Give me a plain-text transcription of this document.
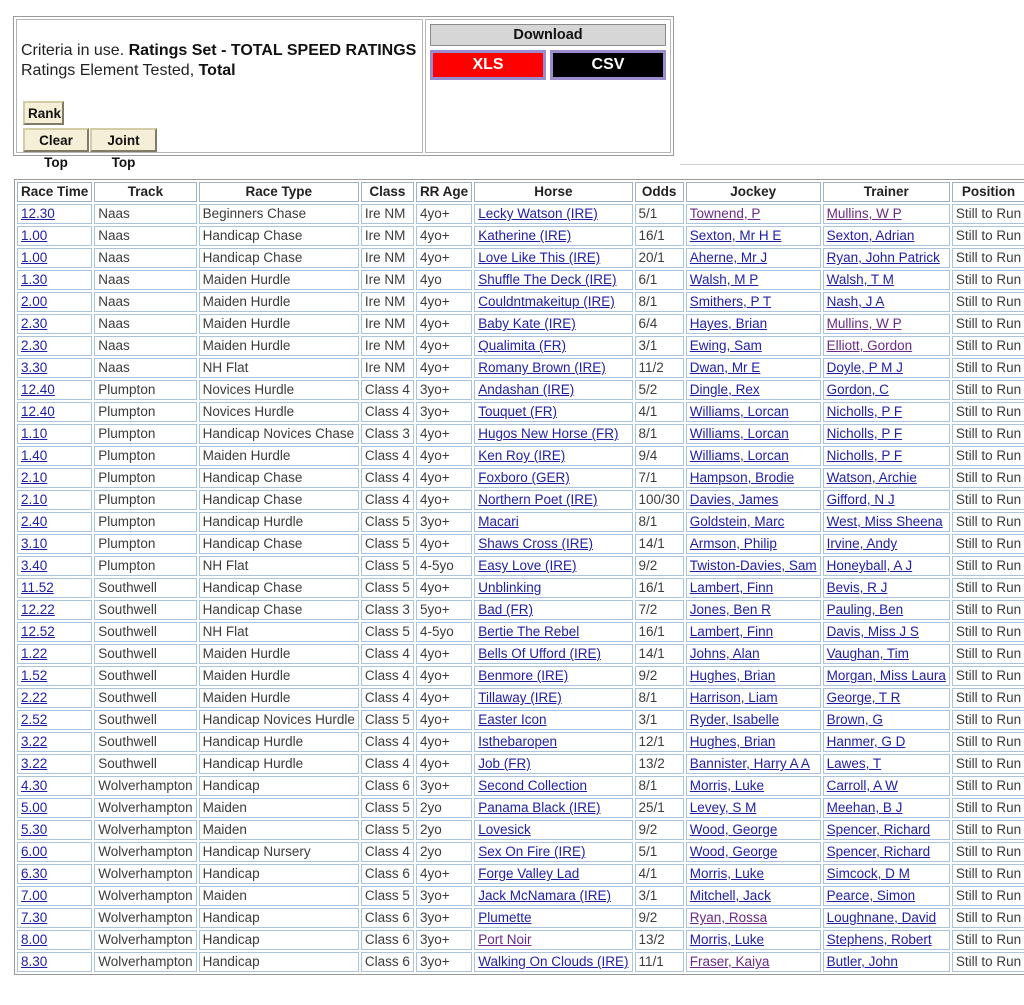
Criteria in use. Ratings Set - TOTAL SPEED RATINGS
Ratings Element Tested, Total
Rank
Clear Top
Joint Top
Download
XLS	CSV
Race Time	Track	Race Type	Class	RR Age	Horse	Odds	Jockey	Trainer	Position
12.30	Naas	Beginners Chase	Ire NM	4yo+	Lecky Watson (IRE)	5/1	Townend, P	Mullins, W P	Still to Run
1.00	Naas	Handicap Chase	Ire NM	4yo+	Katherine (IRE)	16/1	Sexton, Mr H E	Sexton, Adrian	Still to Run
1.00	Naas	Handicap Chase	Ire NM	4yo+	Love Like This (IRE)	20/1	Aherne, Mr J	Ryan, John Patrick	Still to Run
1.30	Naas	Maiden Hurdle	Ire NM	4yo	Shuffle The Deck (IRE)	6/1	Walsh, M P	Walsh, T M	Still to Run
2.00	Naas	Maiden Hurdle	Ire NM	4yo+	Couldntmakeitup (IRE)	8/1	Smithers, P T	Nash, J A	Still to Run
2.30	Naas	Maiden Hurdle	Ire NM	4yo+	Baby Kate (IRE)	6/4	Hayes, Brian	Mullins, W P	Still to Run
2.30	Naas	Maiden Hurdle	Ire NM	4yo+	Qualimita (FR)	3/1	Ewing, Sam	Elliott, Gordon	Still to Run
3.30	Naas	NH Flat	Ire NM	4yo+	Romany Brown (IRE)	11/2	Dwan, Mr E	Doyle, P M J	Still to Run
12.40	Plumpton	Novices Hurdle	Class 4	3yo+	Andashan (IRE)	5/2	Dingle, Rex	Gordon, C	Still to Run
12.40	Plumpton	Novices Hurdle	Class 4	3yo+	Touquet (FR)	4/1	Williams, Lorcan	Nicholls, P F	Still to Run
1.10	Plumpton	Handicap Novices Chase	Class 3	4yo+	Hugos New Horse (FR)	8/1	Williams, Lorcan	Nicholls, P F	Still to Run
1.40	Plumpton	Maiden Hurdle	Class 4	4yo+	Ken Roy (IRE)	9/4	Williams, Lorcan	Nicholls, P F	Still to Run
2.10	Plumpton	Handicap Chase	Class 4	4yo+	Foxboro (GER)	7/1	Hampson, Brodie	Watson, Archie	Still to Run
2.10	Plumpton	Handicap Chase	Class 4	4yo+	Northern Poet (IRE)	100/30	Davies, James	Gifford, N J	Still to Run
2.40	Plumpton	Handicap Hurdle	Class 5	3yo+	Macari	8/1	Goldstein, Marc	West, Miss Sheena	Still to Run
3.10	Plumpton	Handicap Chase	Class 5	4yo+	Shaws Cross (IRE)	14/1	Armson, Philip	Irvine, Andy	Still to Run
3.40	Plumpton	NH Flat	Class 5	4-5yo	Easy Love (IRE)	9/2	Twiston-Davies, Sam	Honeyball, A J	Still to Run
11.52	Southwell	Handicap Chase	Class 5	4yo+	Unblinking	16/1	Lambert, Finn	Bevis, R J	Still to Run
12.22	Southwell	Handicap Chase	Class 3	5yo+	Bad (FR)	7/2	Jones, Ben R	Pauling, Ben	Still to Run
12.52	Southwell	NH Flat	Class 5	4-5yo	Bertie The Rebel	16/1	Lambert, Finn	Davis, Miss J S	Still to Run
1.22	Southwell	Maiden Hurdle	Class 4	4yo+	Bells Of Ufford (IRE)	14/1	Johns, Alan	Vaughan, Tim	Still to Run
1.52	Southwell	Maiden Hurdle	Class 4	4yo+	Benmore (IRE)	9/2	Hughes, Brian	Morgan, Miss Laura	Still to Run
2.22	Southwell	Maiden Hurdle	Class 4	4yo+	Tillaway (IRE)	8/1	Harrison, Liam	George, T R	Still to Run
2.52	Southwell	Handicap Novices Hurdle	Class 5	4yo+	Easter Icon	3/1	Ryder, Isabelle	Brown, G	Still to Run
3.22	Southwell	Handicap Hurdle	Class 4	4yo+	Isthebaropen	12/1	Hughes, Brian	Hanmer, G D	Still to Run
3.22	Southwell	Handicap Hurdle	Class 4	4yo+	Job (FR)	13/2	Bannister, Harry A A	Lawes, T	Still to Run
4.30	Wolverhampton	Handicap	Class 6	3yo+	Second Collection	8/1	Morris, Luke	Carroll, A W	Still to Run
5.00	Wolverhampton	Maiden	Class 5	2yo	Panama Black (IRE)	25/1	Levey, S M	Meehan, B J	Still to Run
5.30	Wolverhampton	Maiden	Class 5	2yo	Lovesick	9/2	Wood, George	Spencer, Richard	Still to Run
6.00	Wolverhampton	Handicap Nursery	Class 4	2yo	Sex On Fire (IRE)	5/1	Wood, George	Spencer, Richard	Still to Run
6.30	Wolverhampton	Handicap	Class 6	4yo+	Forge Valley Lad	4/1	Morris, Luke	Simcock, D M	Still to Run
7.00	Wolverhampton	Maiden	Class 5	3yo+	Jack McNamara (IRE)	3/1	Mitchell, Jack	Pearce, Simon	Still to Run
7.30	Wolverhampton	Handicap	Class 6	3yo+	Plumette	9/2	Ryan, Rossa	Loughnane, David	Still to Run
8.00	Wolverhampton	Handicap	Class 6	3yo+	Port Noir	13/2	Morris, Luke	Stephens, Robert	Still to Run
8.30	Wolverhampton	Handicap	Class 6	3yo+	Walking On Clouds (IRE)	11/1	Fraser, Kaiya	Butler, John	Still to Run
